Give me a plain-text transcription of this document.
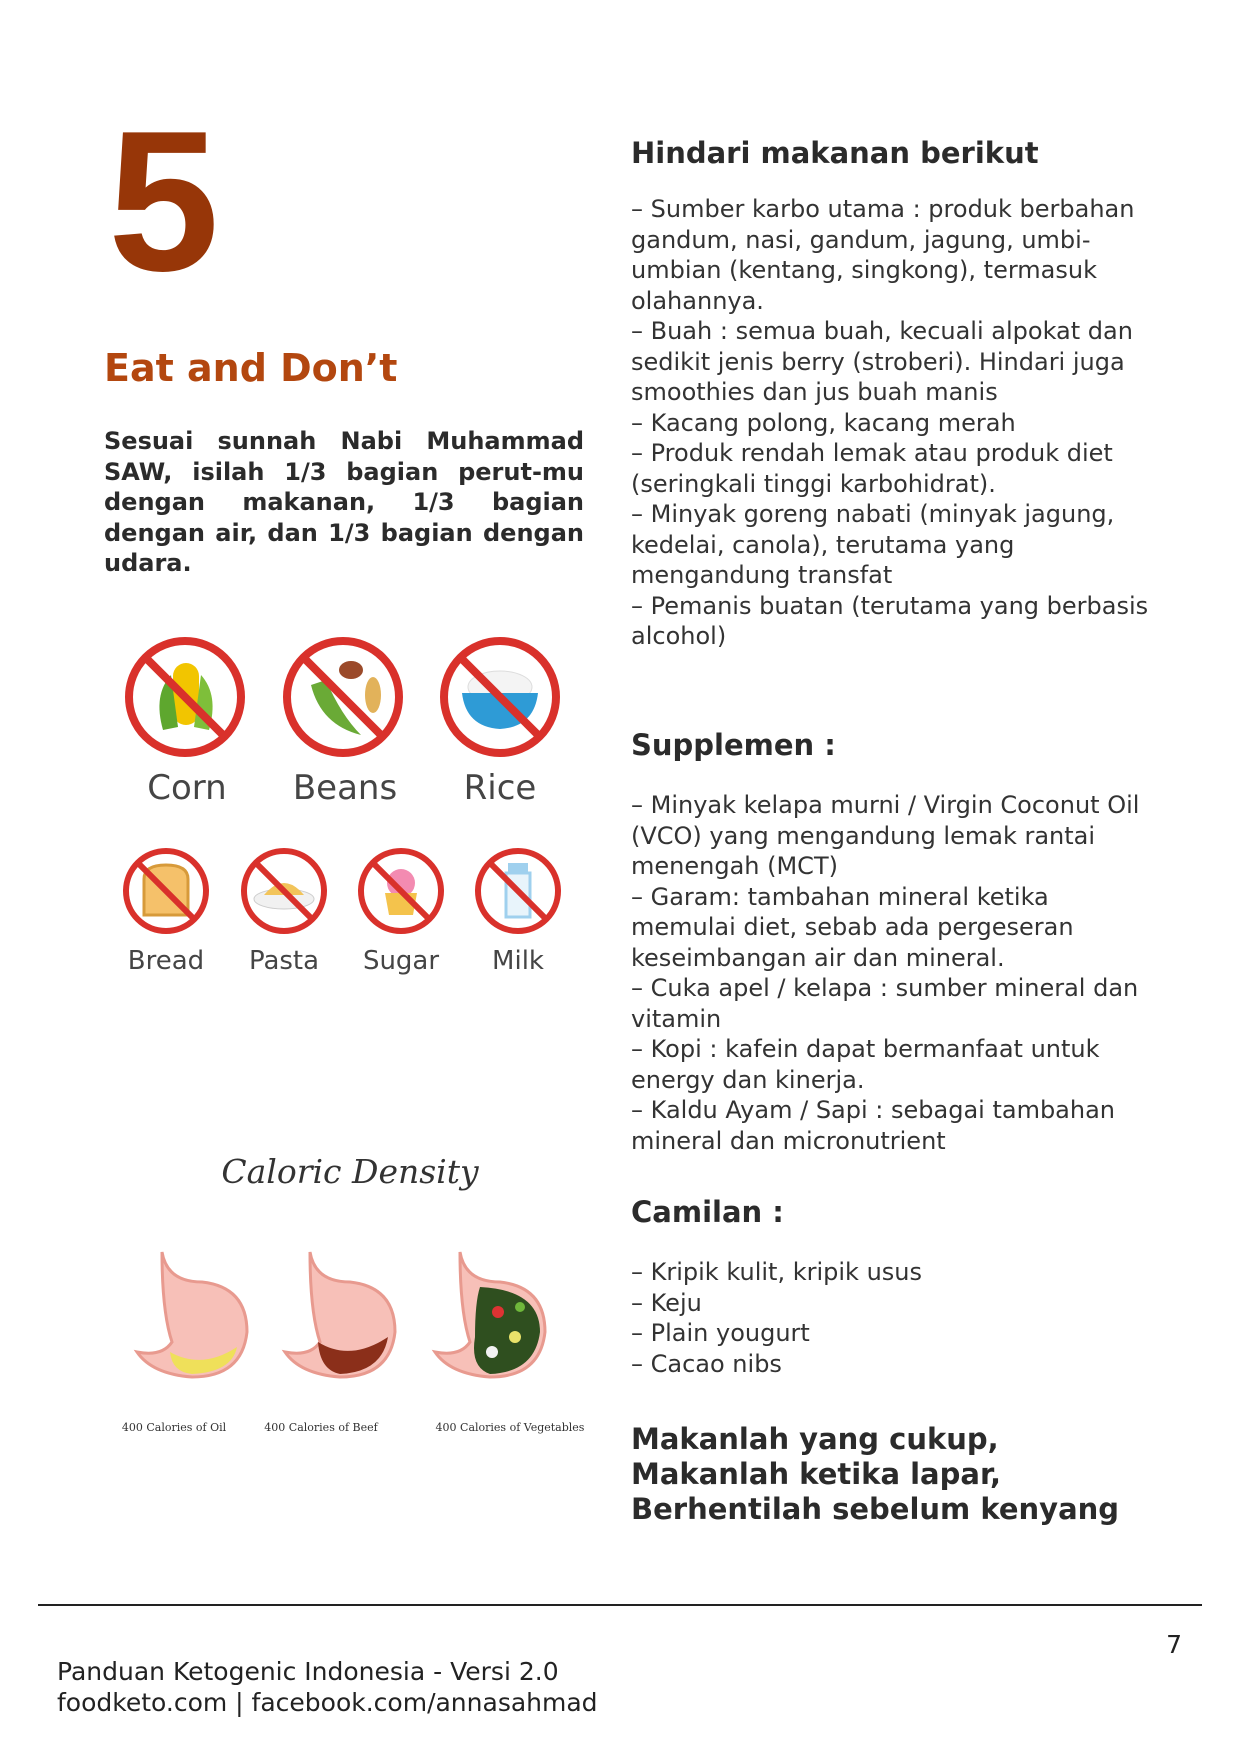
5
Eat and Don’t
Sesuai sunnah Nabi Muhammad SAW, isilah 1/3 bagian perut-mu dengan makanan, 1/3 bagian dengan air, dan 1/3 bagian dengan udara.
Corn	Beans	Rice
Bread	Pasta	Sugar	Milk
Caloric Density
400 Calories of Oil	400 Calories of Beef	400 Calories of Vegetables
Hindari makanan berikut
– Sumber karbo utama : produk berbahan gandum, nasi, gandum, jagung, umbi-umbian (kentang, singkong), termasuk olahannya.
– Buah : semua buah, kecuali alpokat dan sedikit jenis berry (stroberi). Hindari juga smoothies dan jus buah manis
– Kacang polong, kacang merah
– Produk rendah lemak atau produk diet (seringkali tinggi karbohidrat).
– Minyak goreng nabati (minyak jagung, kedelai, canola), terutama yang mengandung transfat
– Pemanis buatan (terutama yang berbasis alcohol)
Supplemen :
– Minyak kelapa murni / Virgin Coconut Oil (VCO) yang mengandung lemak rantai menengah (MCT)
– Garam: tambahan mineral ketika memulai diet, sebab ada pergeseran keseimbangan air dan mineral.
– Cuka apel / kelapa : sumber mineral dan vitamin
– Kopi : kafein dapat bermanfaat untuk energy dan kinerja.
– Kaldu Ayam / Sapi : sebagai tambahan mineral dan micronutrient
Camilan :
– Kripik kulit, kripik usus
– Keju
– Plain yougurt
– Cacao nibs
Makanlah yang cukup,
Makanlah ketika lapar,
Berhentilah sebelum kenyang
7
Panduan Ketogenic Indonesia - Versi 2.0
foodketo.com | facebook.com/annasahmad
